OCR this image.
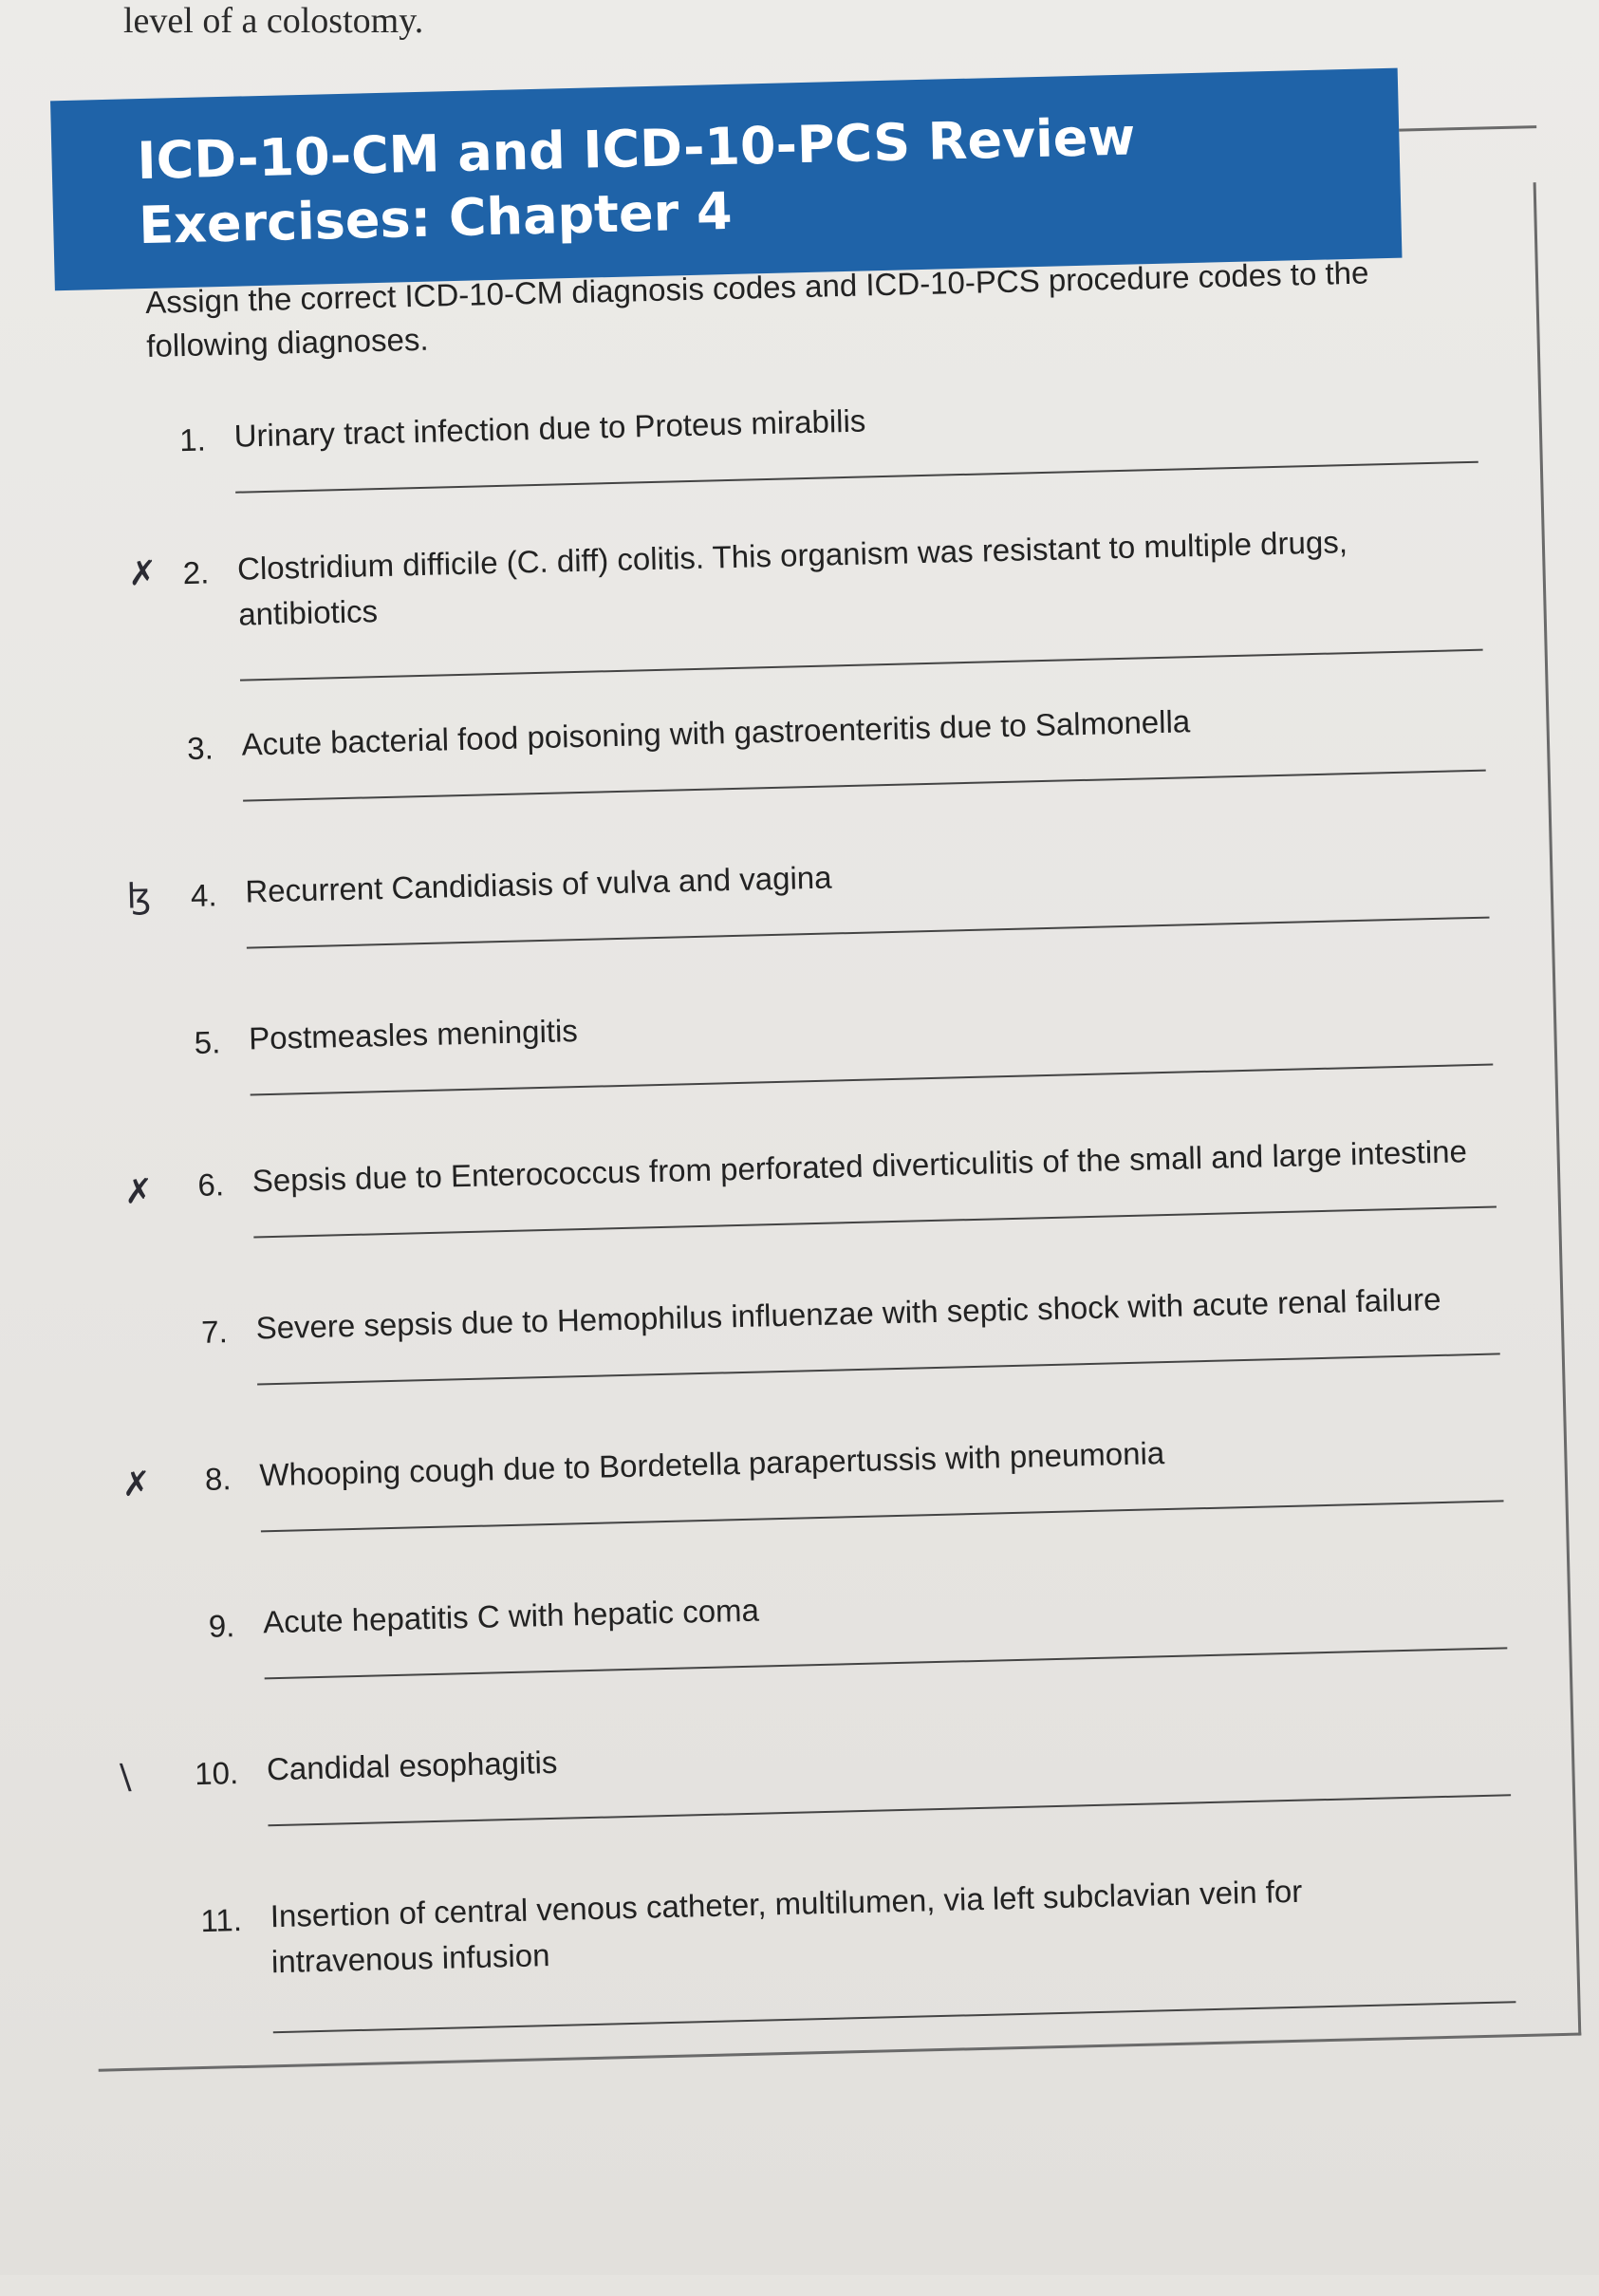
level of a colostomy.
ICD-10-CM and ICD-10-PCS Review Exercises: Chapter 4
Assign the correct ICD-10-CM diagnosis codes and ICD-10-PCS procedure codes to the following diagnoses.
1. Urinary tract infection due to Proteus mirabilis
✗ 2. Clostridium difficile (C. diff) colitis. This organism was resistant to multiple drugs, antibiotics
3. Acute bacterial food poisoning with gastroenteritis due to Salmonella
ɮ	4. Recurrent Candidiasis of vulva and vagina
5. Postmeasles meningitis
✗	6. Sepsis due to Enterococcus from perforated diverticulitis of the small and large intestine
7. Severe sepsis due to Hemophilus influenzae with septic shock with acute renal failure
✗	8. Whooping cough due to Bordetella parapertussis with pneumonia
9. Acute hepatitis C with hepatic coma
\	10. Candidal esophagitis
11. Insertion of central venous catheter, multilumen, via left subclavian vein for intravenous infusion
